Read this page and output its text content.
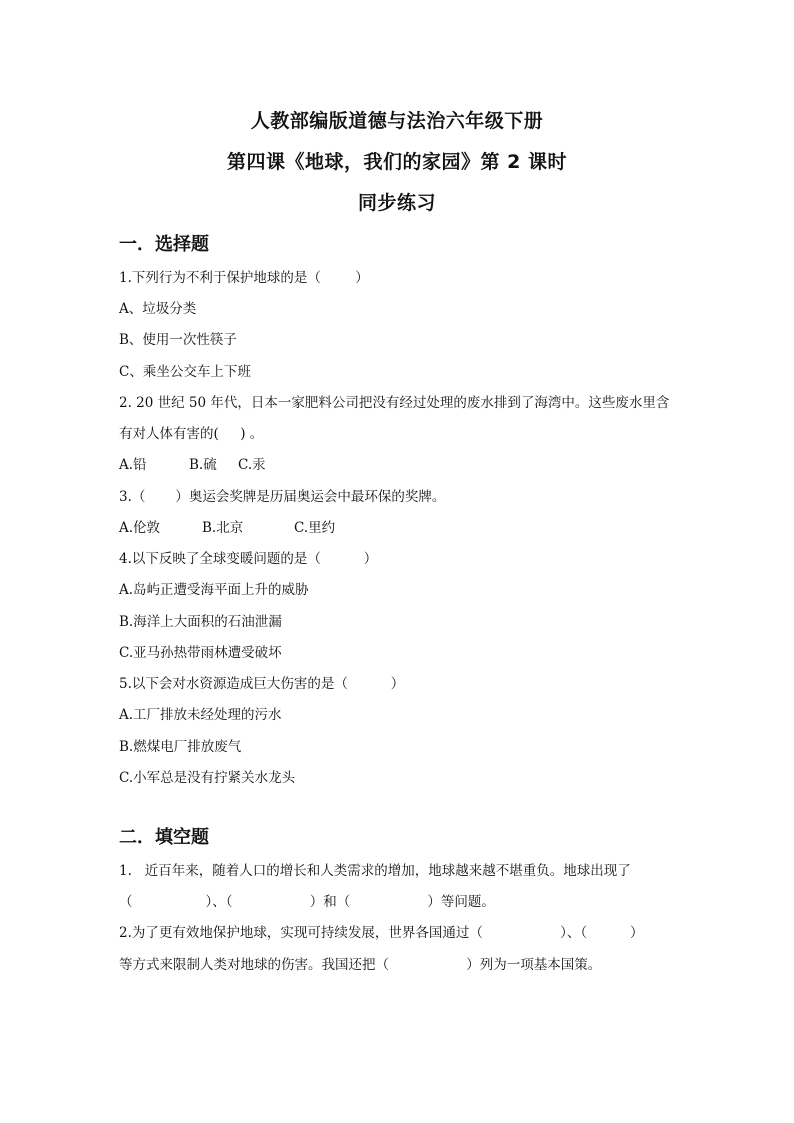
人教部编版道德与法治六年级下册
第四课《地球，我们的家园》第 2 课时
同步练习
一．选择题
1.下列行为不利于保护地球的是（        ）
A、垃圾分类
B、使用一次性筷子
C、乘坐公交车上下班
2. 20 世纪 50 年代，日本一家肥料公司把没有经过处理的废水排到了海湾中。这些废水里含
有对人体有害的(     ) 。
A.铅	B.硫	C.汞
3.（       ）奥运会奖牌是历届奥运会中最环保的奖牌。
A.伦敦	B.北京	C.里约
4.以下反映了全球变暖问题的是（          ）
A.岛屿正遭受海平面上升的威胁
B.海洋上大面积的石油泄漏
C.亚马孙热带雨林遭受破坏
5.以下会对水资源造成巨大伤害的是（          ）
A.工厂排放未经处理的污水
B.燃煤电厂排放废气
C.小军总是没有拧紧关水龙头
二．填空题
1.   近百年来，随着人口的增长和人类需求的增加，地球越来越不堪重负。地球出现了
（                 ）、（                  ）和（                  ）等问题。
2.为了更有效地保护地球，实现可持续发展，世界各国通过（                  ）、（          ）
等方式来限制人类对地球的伤害。我国还把（                  ）列为一项基本国策。
